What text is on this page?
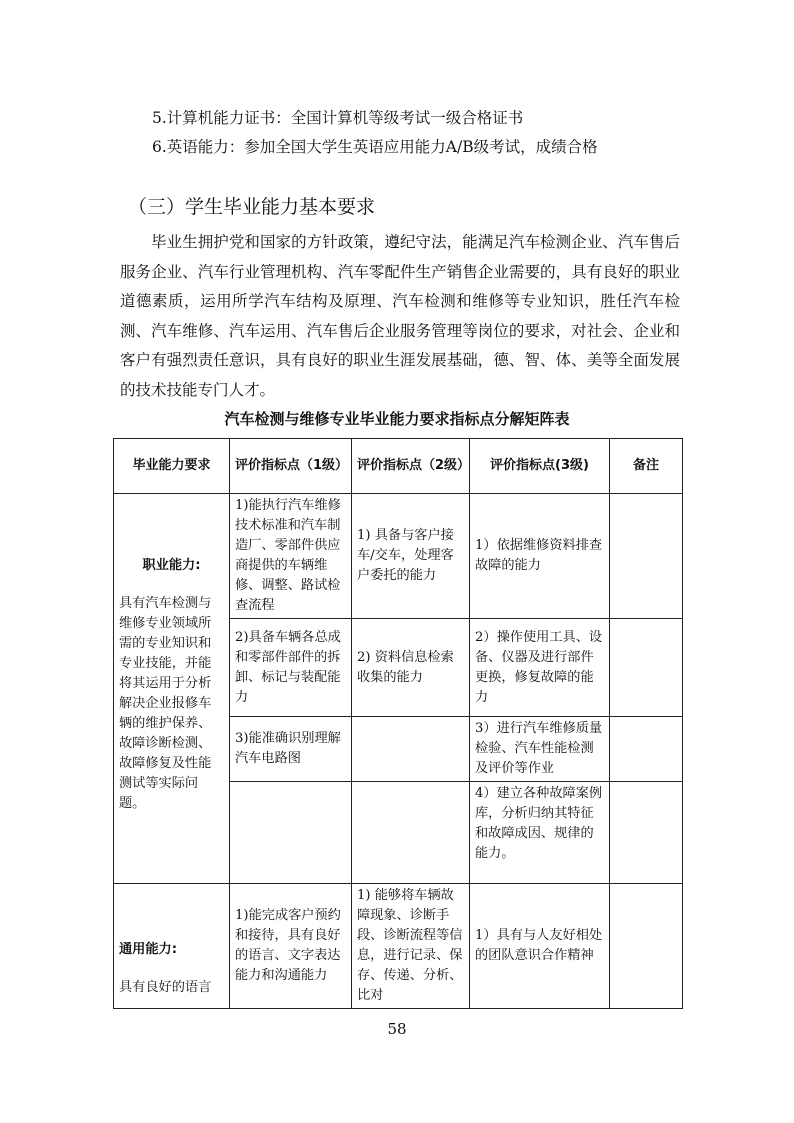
5.计算机能力证书：全国计算机等级考试一级合格证书
6.英语能力：参加全国大学生英语应用能力A/B级考试，成绩合格
（三）学生毕业能力基本要求
毕业生拥护党和国家的方针政策，遵纪守法，能满足汽车检测企业、汽车售后服务企业、汽车行业管理机构、汽车零配件生产销售企业需要的，具有良好的职业道德素质，运用所学汽车结构及原理、汽车检测和维修等专业知识，胜任汽车检测、汽车维修、汽车运用、汽车售后企业服务管理等岗位的要求，对社会、企业和客户有强烈责任意识，具有良好的职业生涯发展基础，德、智、体、美等全面发展的技术技能专门人才。
汽车检测与维修专业毕业能力要求指标点分解矩阵表
毕业能力要求	评价指标点（1级）	评价指标点（2级）	评价指标点(3级)	备注

职业能力:
具有汽车检测与维修专业领域所需的专业知识和专业技能，并能将其运用于分析解决企业报修车辆的维护保养、故障诊断检测、故障修复及性能测试等实际问题。	1)能执行汽车维修技术标准和汽车制造厂、零部件供应商提供的车辆维修、调整、路试检查流程	1) 具备与客户接车/交车，处理客户委托的能力	1）依据维修资料排查故障的能力	
	2)具备车辆各总成和零部件部件的拆卸、标记与装配能力	2) 资料信息检索收集的能力	2）操作使用工具、设备、仪器及进行部件更换，修复故障的能力	
	3)能准确识别理解汽车电路图		3）进行汽车维修质量检验、汽车性能检测及评价等作业	
			4）建立各种故障案例库，分析归纳其特征和故障成因、规律的能力。	

通用能力:
具有良好的语言	1)能完成客户预约和接待，具有良好的语言、文字表达能力和沟通能力	1) 能够将车辆故障现象、诊断手段、诊断流程等信息，进行记录、保存、传递、分析、比对	1）具有与人友好相处的团队意识合作精神	
58
